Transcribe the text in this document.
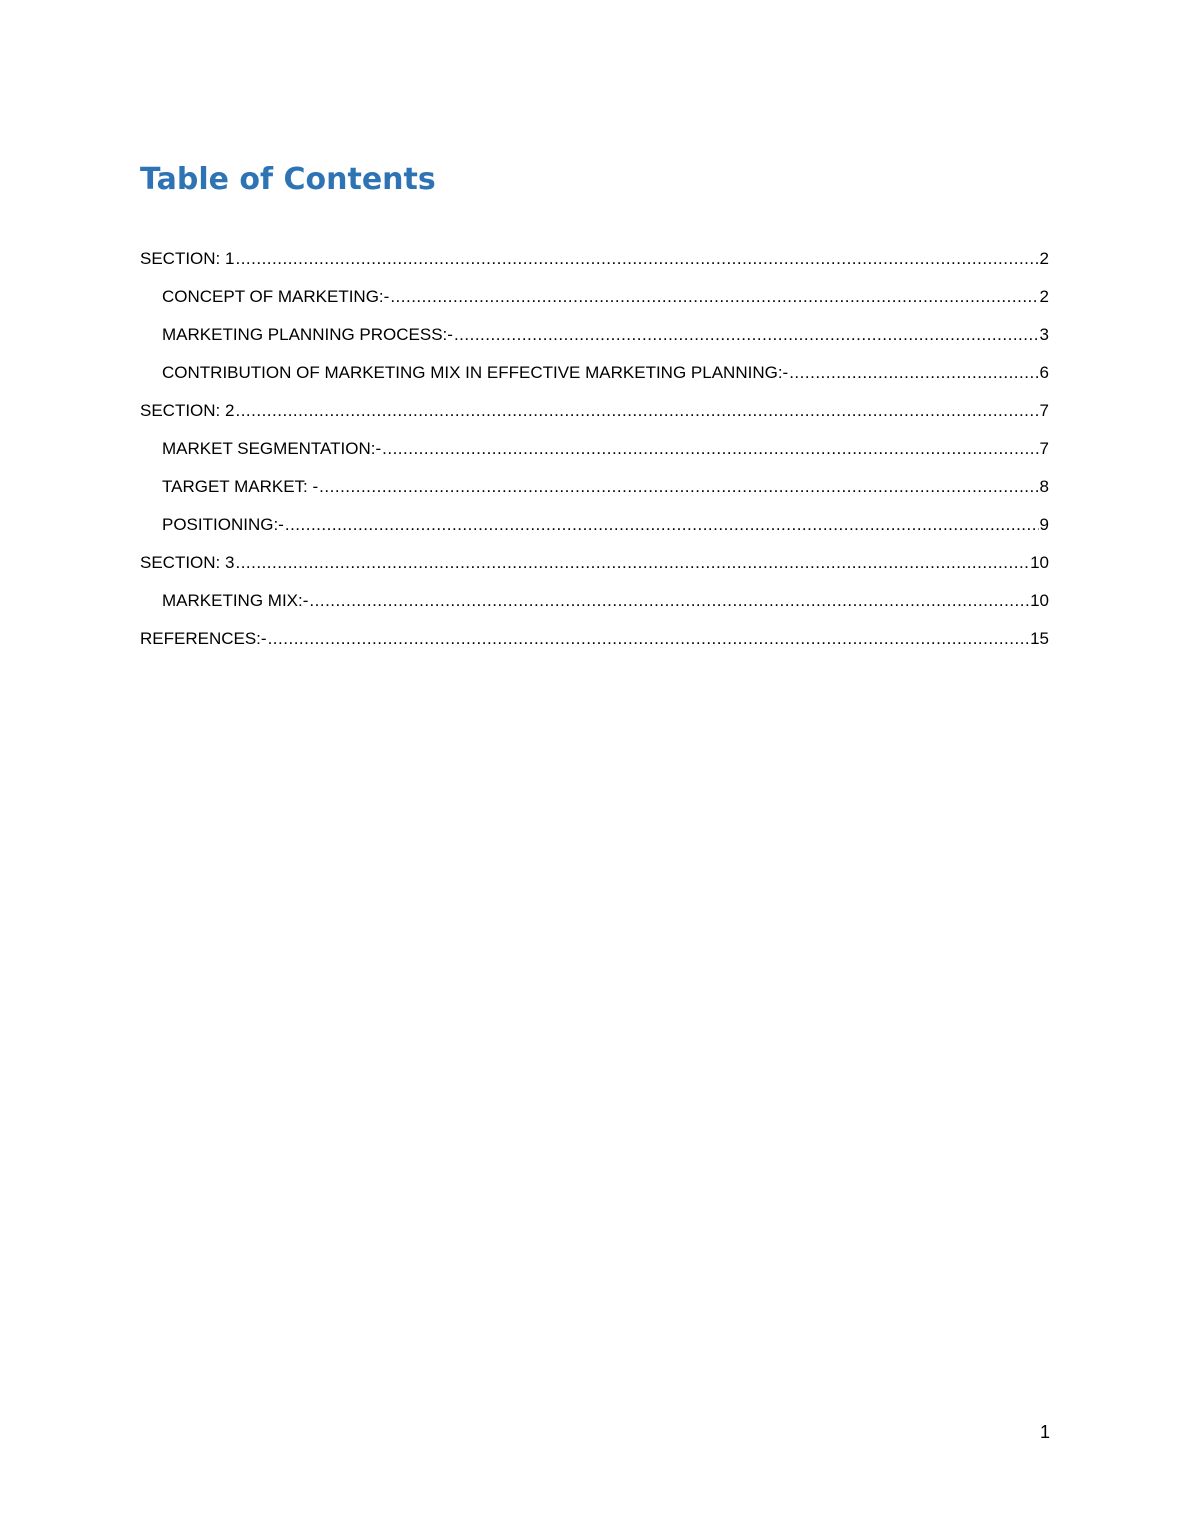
Table of Contents
SECTION: 1 .....	2
CONCEPT OF MARKETING:- .....	2
MARKETING PLANNING PROCESS:- .....	3
CONTRIBUTION OF MARKETING MIX IN EFFECTIVE MARKETING PLANNING:- .....	6
SECTION: 2 .....	7
MARKET SEGMENTATION:- .....	7
TARGET MARKET: - .....	8
POSITIONING:- .....	9
SECTION: 3 .....	10
MARKETING MIX:- .....	10
REFERENCES:- .....	15
1
